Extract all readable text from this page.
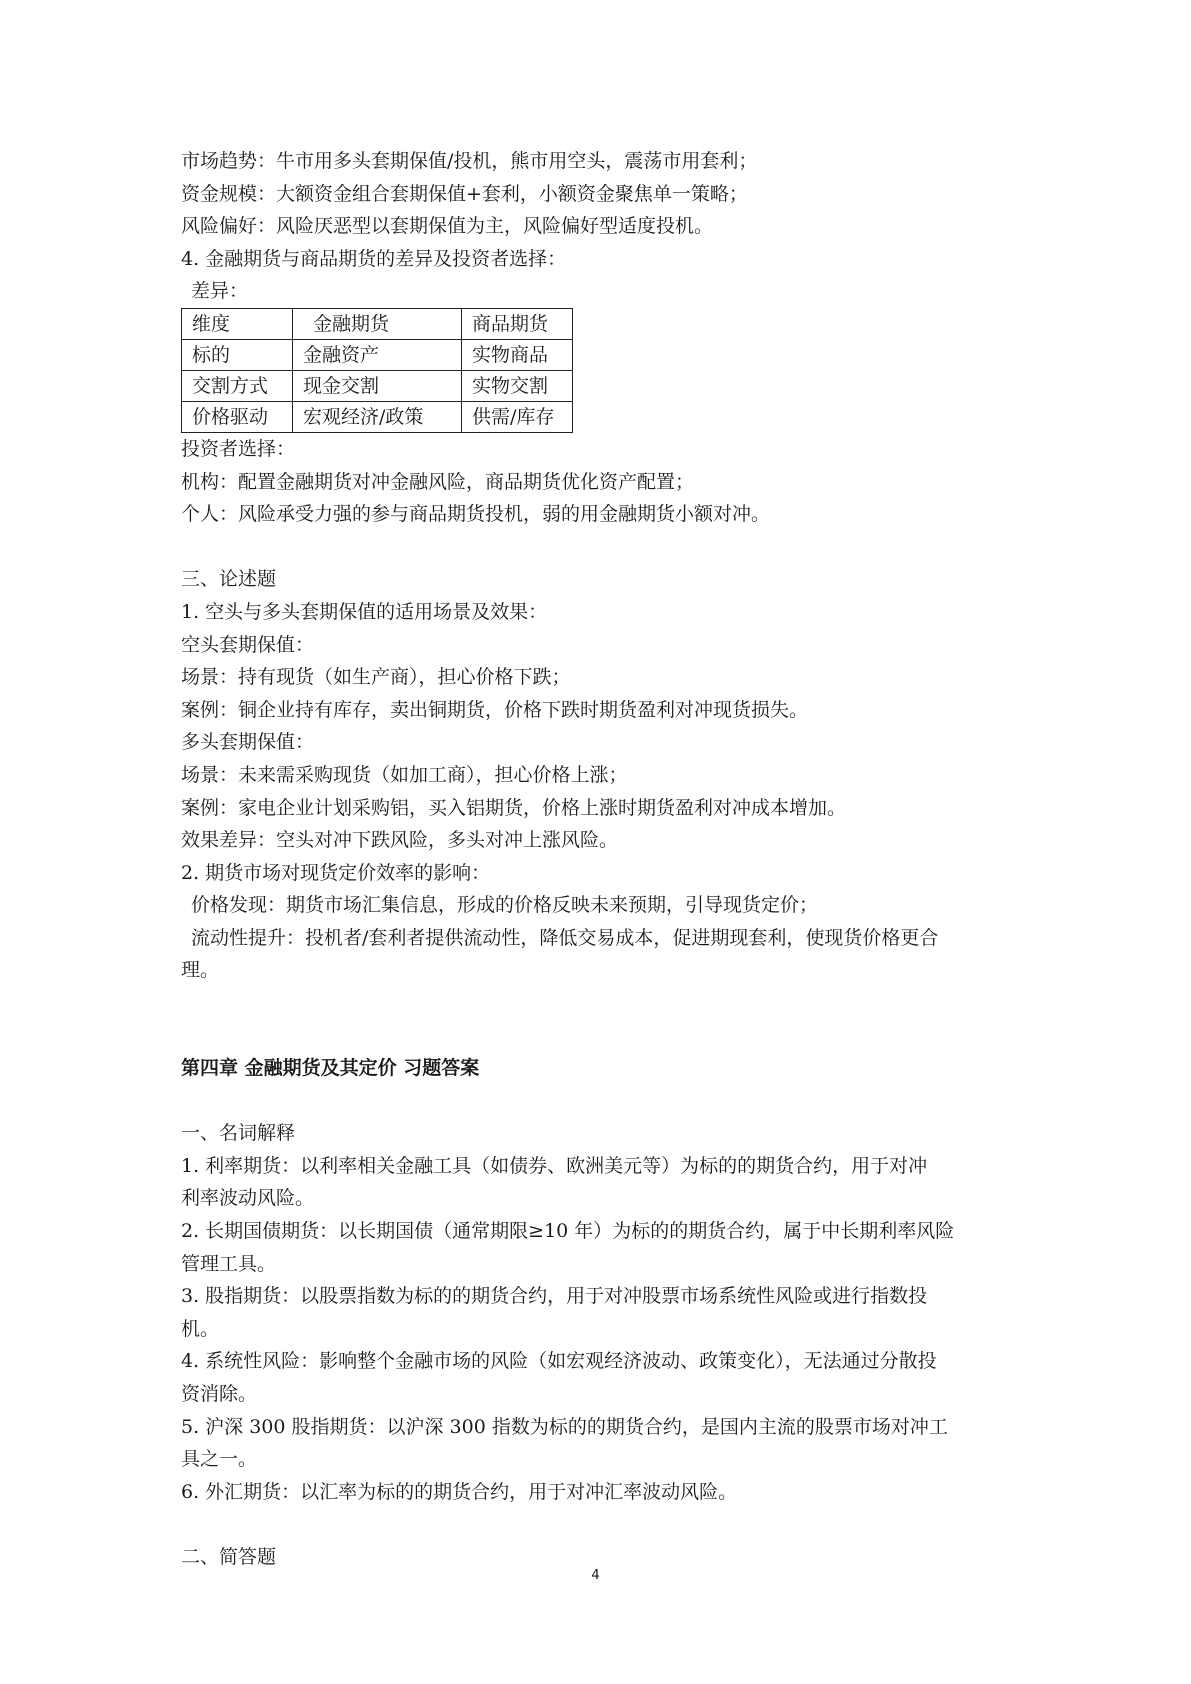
市场趋势：牛市用多头套期保值/投机，熊市用空头，震荡市用套利；

资金规模：大额资金组合套期保值+套利，小额资金聚焦单一策略；

风险偏好：风险厌恶型以套期保值为主，风险偏好型适度投机。

4. 金融期货与商品期货的差异及投资者选择：

差异：

维度	金融期货	商品期货
标的	金融资产	实物商品
交割方式	现金交割	实物交割
价格驱动	宏观经济/政策	供需/库存

投资者选择：

机构：配置金融期货对冲金融风险，商品期货优化资产配置；

个人：风险承受力强的参与商品期货投机，弱的用金融期货小额对冲。

三、论述题

1. 空头与多头套期保值的适用场景及效果：

空头套期保值：

场景：持有现货（如生产商），担心价格下跌；

案例：铜企业持有库存，卖出铜期货，价格下跌时期货盈利对冲现货损失。

多头套期保值：

场景：未来需采购现货（如加工商），担心价格上涨；

案例：家电企业计划采购铝，买入铝期货，价格上涨时期货盈利对冲成本增加。

效果差异：空头对冲下跌风险，多头对冲上涨风险。

2. 期货市场对现货定价效率的影响：

价格发现：期货市场汇集信息，形成的价格反映未来预期，引导现货定价；

流动性提升：投机者/套利者提供流动性，降低交易成本，促进期现套利，使现货价格更合

理。

第四章 金融期货及其定价 习题答案

一、名词解释

1. 利率期货：以利率相关金融工具（如债券、欧洲美元等）为标的的期货合约，用于对冲

利率波动风险。

2. 长期国债期货：以长期国债（通常期限≥10 年）为标的的期货合约，属于中长期利率风险

管理工具。

3. 股指期货：以股票指数为标的的期货合约，用于对冲股票市场系统性风险或进行指数投

机。

4. 系统性风险：影响整个金融市场的风险（如宏观经济波动、政策变化），无法通过分散投

资消除。

5. 沪深 300 股指期货：以沪深 300 指数为标的的期货合约，是国内主流的股票市场对冲工

具之一。

6. 外汇期货：以汇率为标的的期货合约，用于对冲汇率波动风险。

二、简答题

4
